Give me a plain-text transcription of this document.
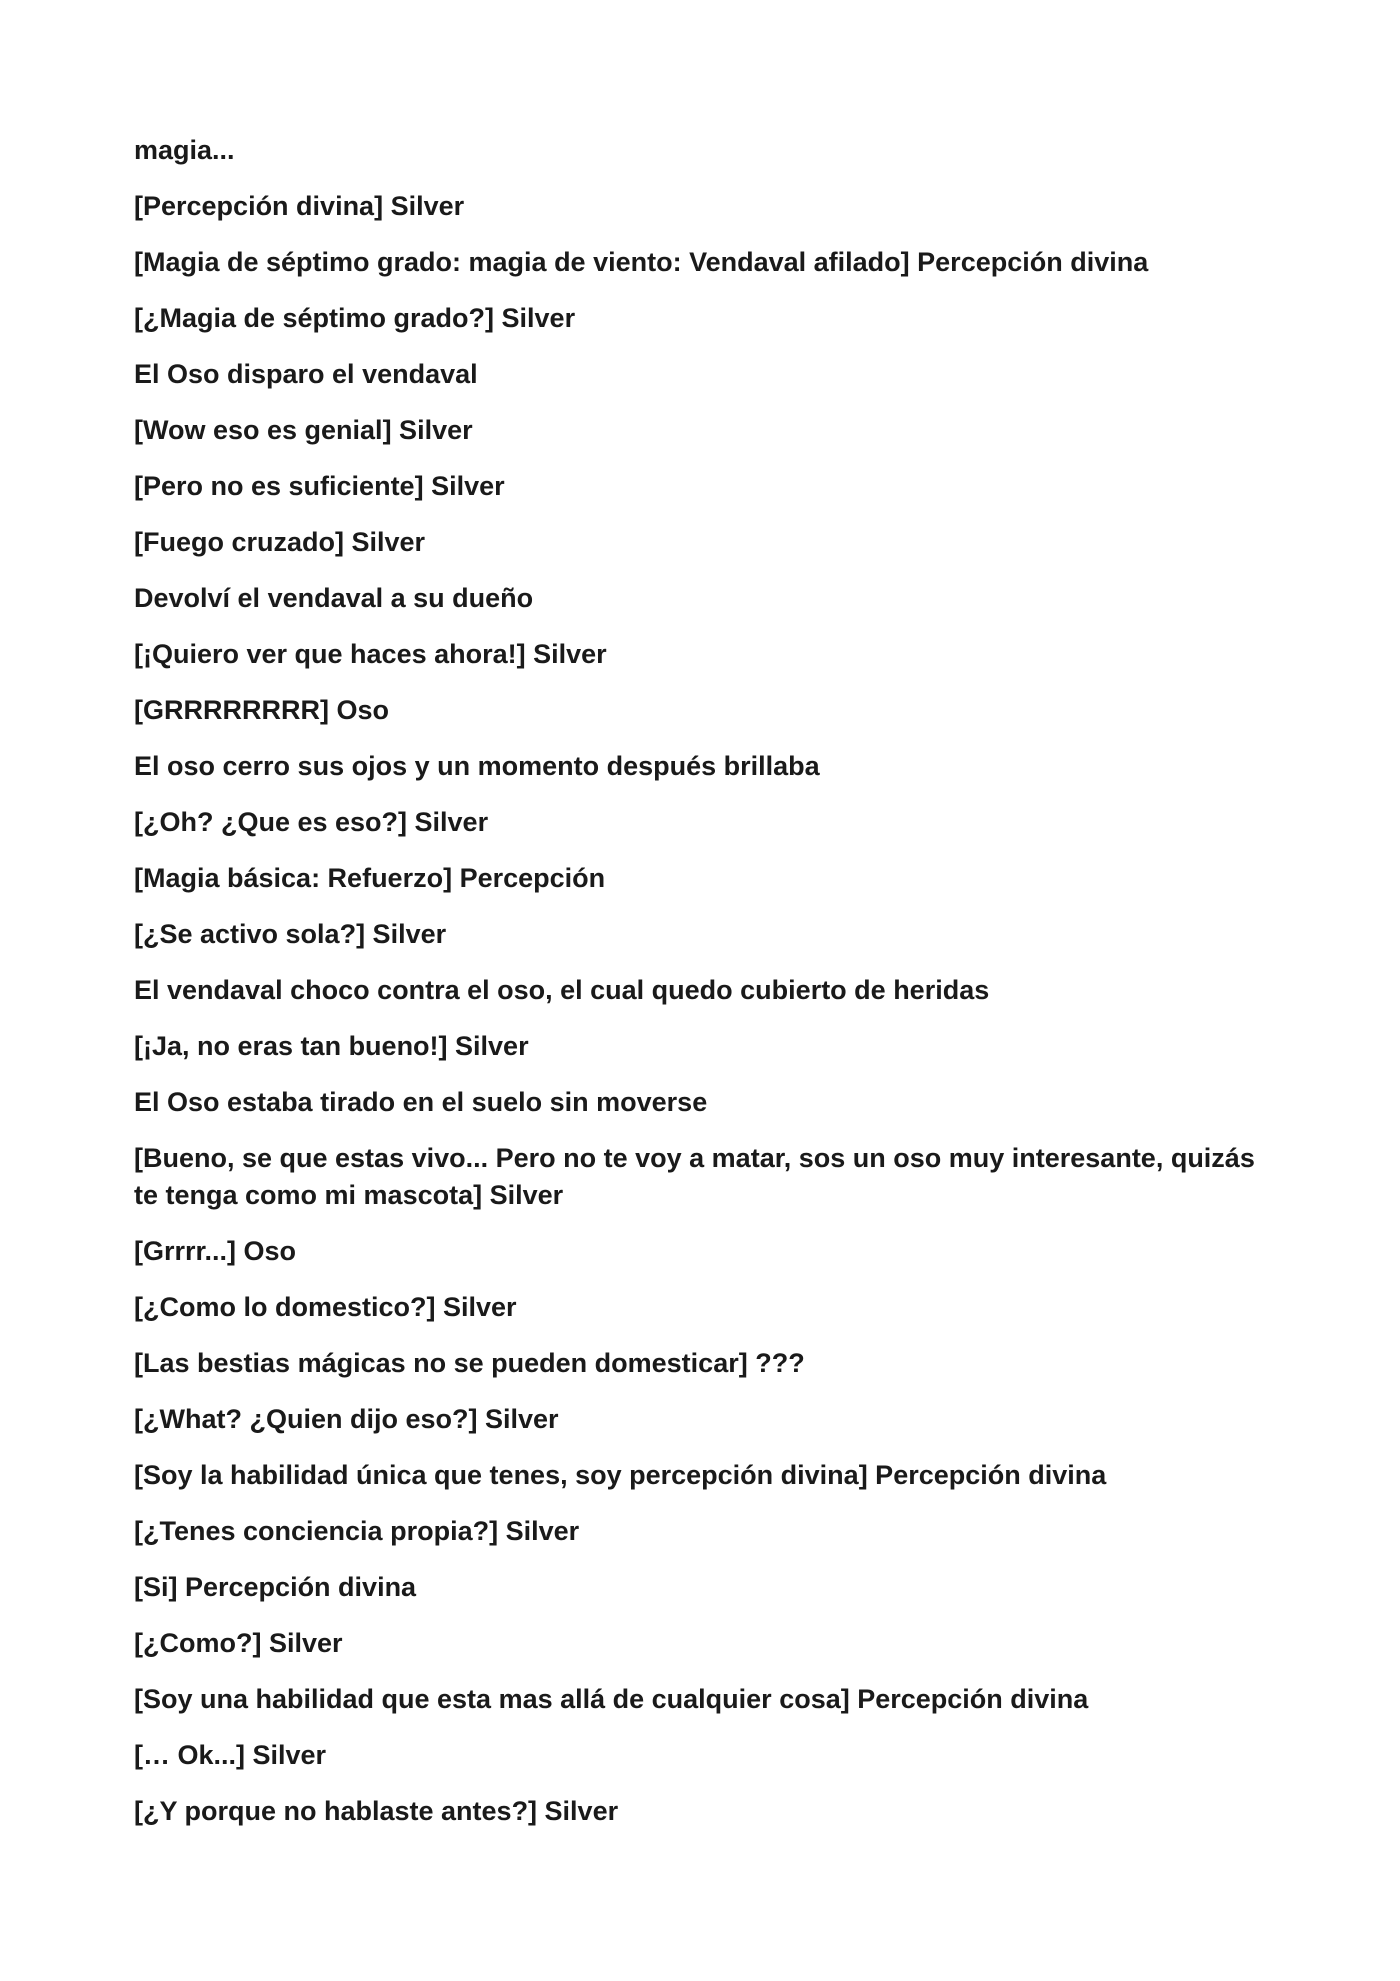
magia...

[Percepción divina] Silver

[Magia de séptimo grado: magia de viento: Vendaval afilado] Percepción divina

[¿Magia de séptimo grado?] Silver

El Oso disparo el vendaval

[Wow eso es genial] Silver

[Pero no es suficiente] Silver

[Fuego cruzado] Silver

Devolví el vendaval a su dueño

[¡Quiero ver que haces ahora!] Silver

[GRRRRRRRR] Oso

El oso cerro sus ojos y un momento después brillaba

[¿Oh? ¿Que es eso?] Silver

[Magia básica: Refuerzo] Percepción

[¿Se activo sola?] Silver

El vendaval choco contra el oso, el cual quedo cubierto de heridas

[¡Ja, no eras tan bueno!] Silver

El Oso estaba tirado en el suelo sin moverse

[Bueno, se que estas vivo... Pero no te voy a matar, sos un oso muy interesante, quizás te tenga como mi mascota] Silver

[Grrrr...] Oso

[¿Como lo domestico?] Silver

[Las bestias mágicas no se pueden domesticar] ???

[¿What? ¿Quien dijo eso?] Silver

[Soy la habilidad única que tenes, soy percepción divina] Percepción divina

[¿Tenes conciencia propia?] Silver

[Si] Percepción divina

[¿Como?] Silver

[Soy una habilidad que esta mas allá de cualquier cosa] Percepción divina

[… Ok...] Silver

[¿Y porque no hablaste antes?] Silver
